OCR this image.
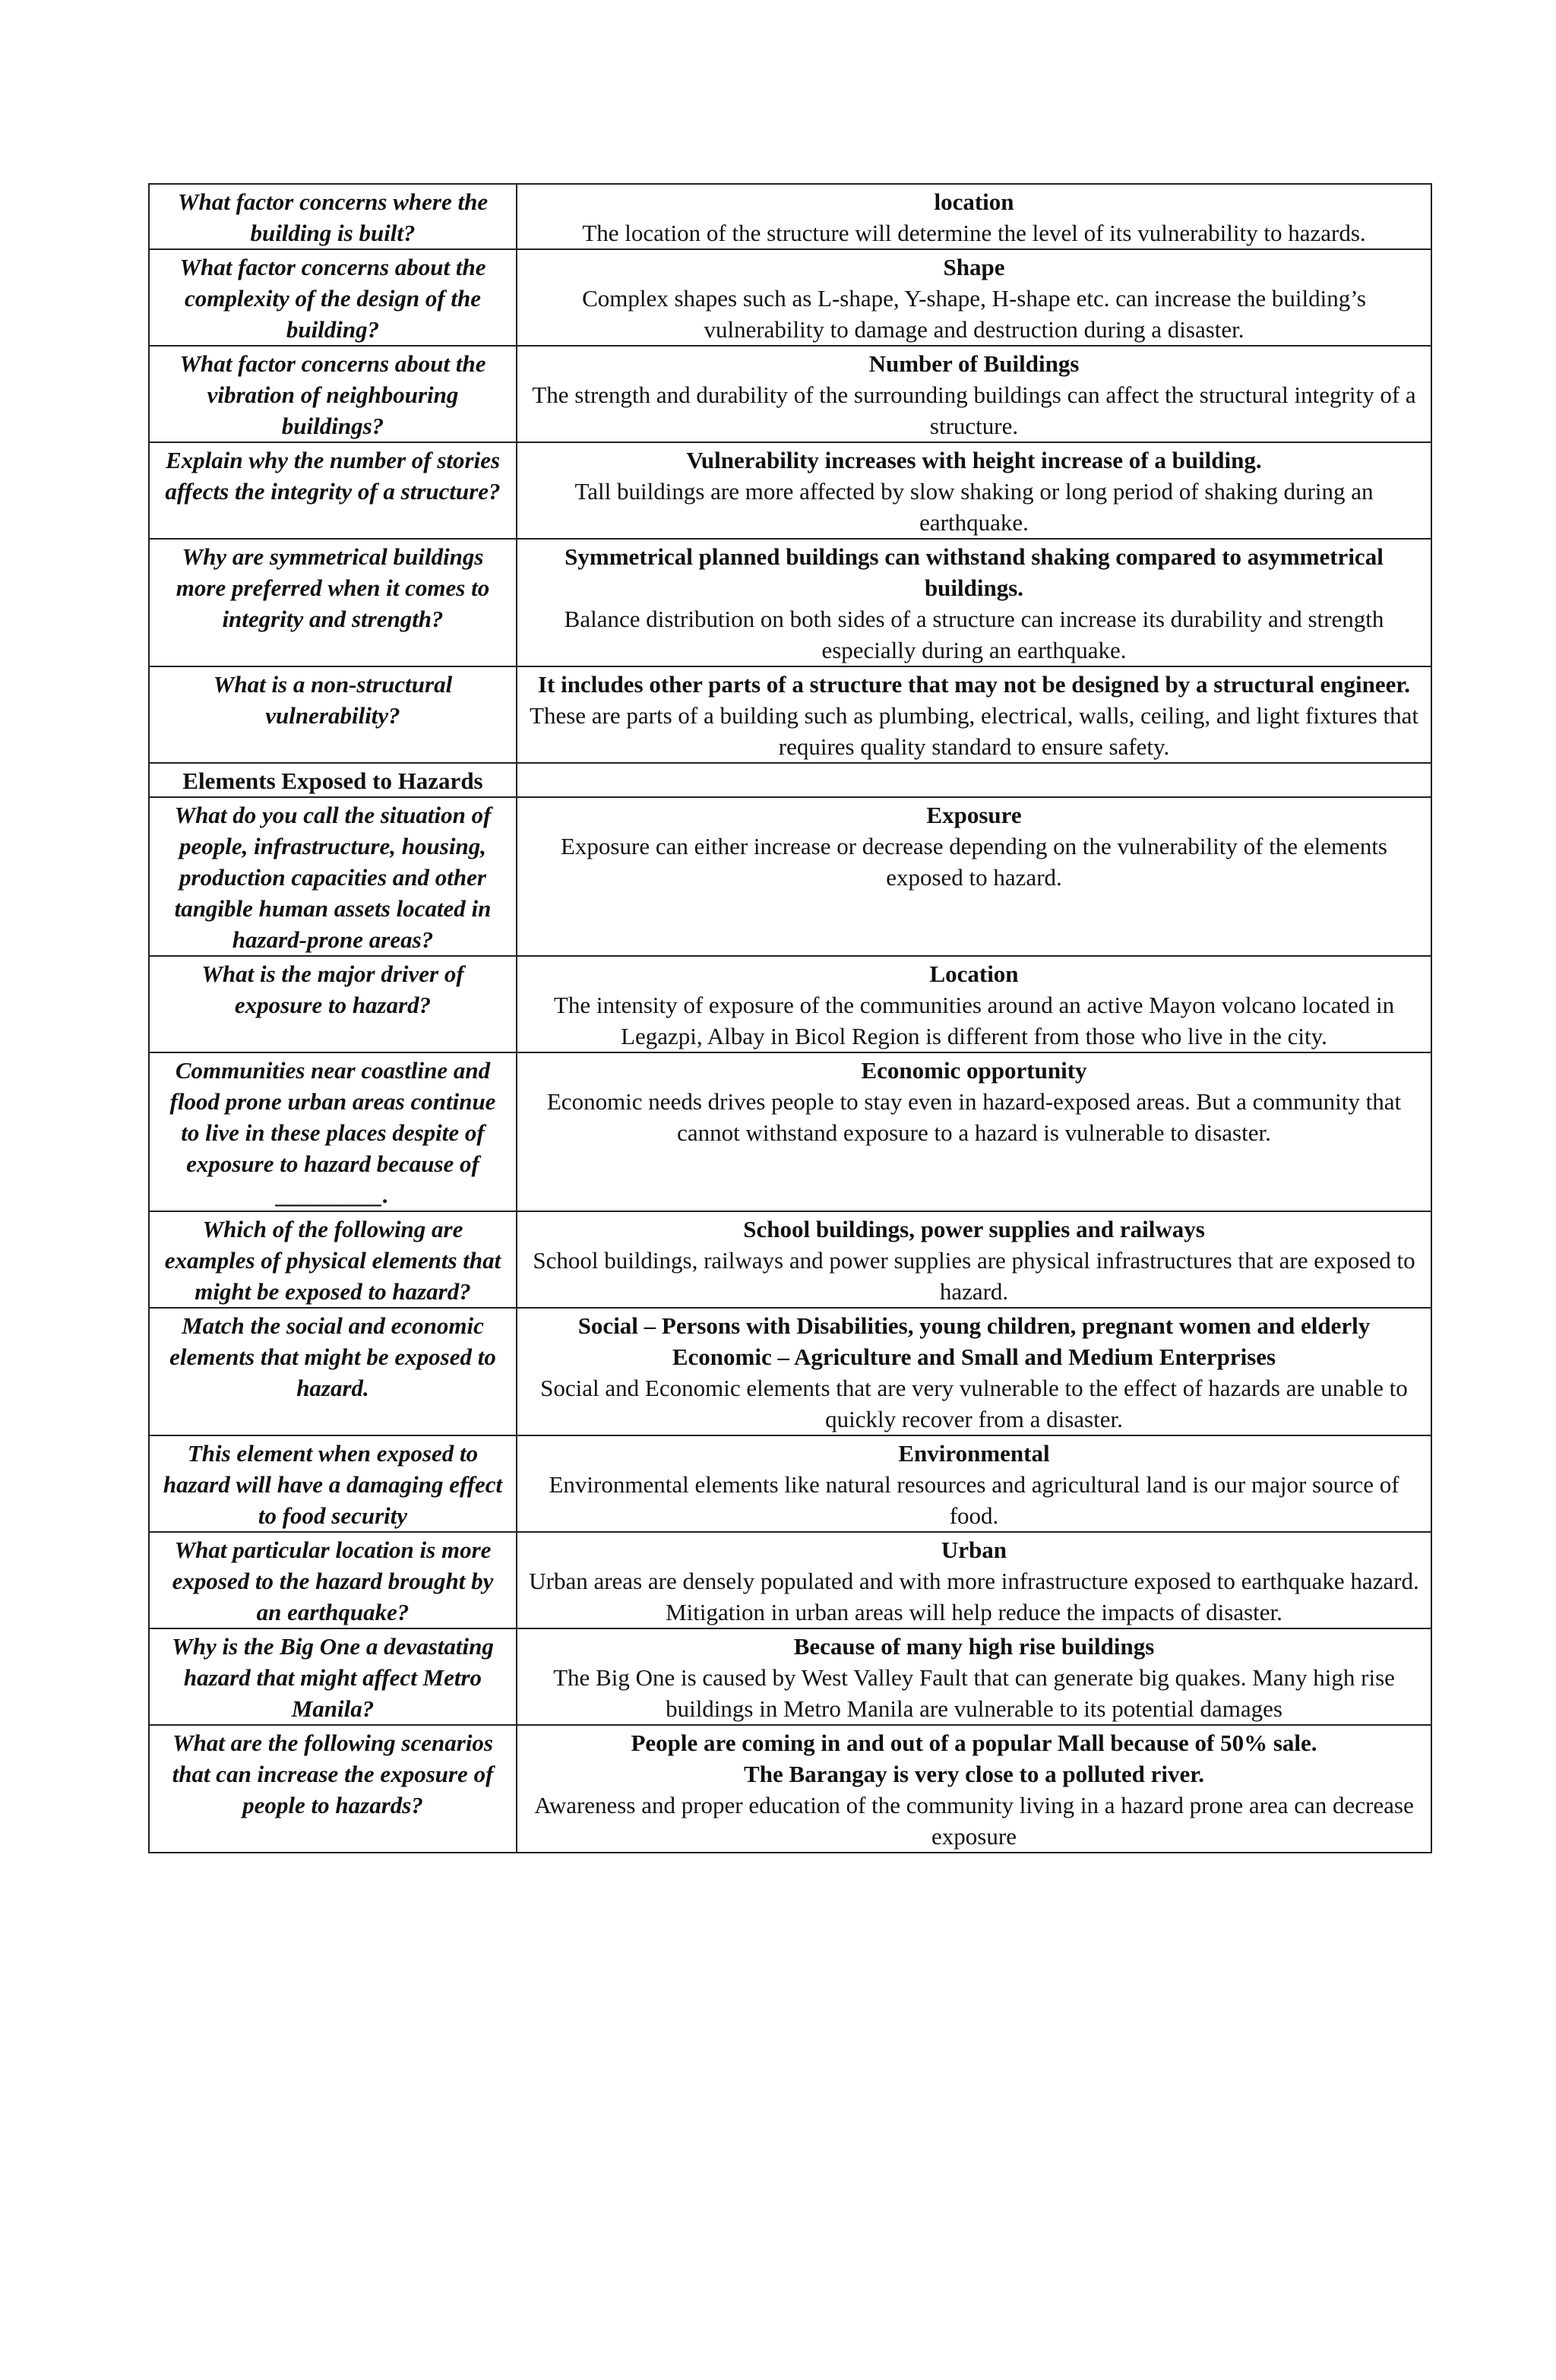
What factor concerns where the building is built?	location
The location of the structure will determine the level of its vulnerability to hazards.

What factor concerns about the complexity of the design of the building?	Shape
Complex shapes such as L-shape, Y-shape, H-shape etc. can increase the building’s vulnerability to damage and destruction during a disaster.

What factor concerns about the vibration of neighbouring buildings?	Number of Buildings
The strength and durability of the surrounding buildings can affect the structural integrity of a structure.

Explain why the number of stories affects the integrity of a structure?	Vulnerability increases with height increase of a building.
Tall buildings are more affected by slow shaking or long period of shaking during an earthquake.

Why are symmetrical buildings more preferred when it comes to integrity and strength?	Symmetrical planned buildings can withstand shaking compared to asymmetrical buildings.
Balance distribution on both sides of a structure can increase its durability and strength especially during an earthquake.

What is a non-structural vulnerability?	It includes other parts of a structure that may not be designed by a structural engineer.
These are parts of a building such as plumbing, electrical, walls, ceiling, and light fixtures that requires quality standard to ensure safety.

Elements Exposed to Hazards	
What do you call the situation of people, infrastructure, housing, production capacities and other tangible human assets located in hazard-prone areas?	Exposure
Exposure can either increase or decrease depending on the vulnerability of the elements exposed to hazard.

What is the major driver of exposure to hazard?	Location
The intensity of exposure of the communities around an active Mayon volcano located in Legazpi, Albay in Bicol Region is different from those who live in the city.

Communities near coastline and flood prone urban areas continue to live in these places despite of exposure to hazard because of _________.	Economic opportunity
Economic needs drives people to stay even in hazard-exposed areas. But a community that cannot withstand exposure to a hazard is vulnerable to disaster.

Which of the following are examples of physical elements that might be exposed to hazard?	School buildings, power supplies and railways
School buildings, railways and power supplies are physical infrastructures that are exposed to hazard.

Match the social and economic elements that might be exposed to hazard.	Social – Persons with Disabilities, young children, pregnant women and elderly
Economic – Agriculture and Small and Medium Enterprises
Social and Economic elements that are very vulnerable to the effect of hazards are unable to quickly recover from a disaster.

This element when exposed to hazard will have a damaging effect to food security	Environmental
Environmental elements like natural resources and agricultural land is our major source of food.

What particular location is more exposed to the hazard brought by an earthquake?	Urban
Urban areas are densely populated and with more infrastructure exposed to earthquake hazard. Mitigation in urban areas will help reduce the impacts of disaster.

Why is the Big One a devastating hazard that might affect Metro Manila?	Because of many high rise buildings
The Big One is caused by West Valley Fault that can generate big quakes. Many high rise buildings in Metro Manila are vulnerable to its potential damages

What are the following scenarios that can increase the exposure of people to hazards?	People are coming in and out of a popular Mall because of 50% sale.
The Barangay is very close to a polluted river.
Awareness and proper education of the community living in a hazard prone area can decrease exposure
